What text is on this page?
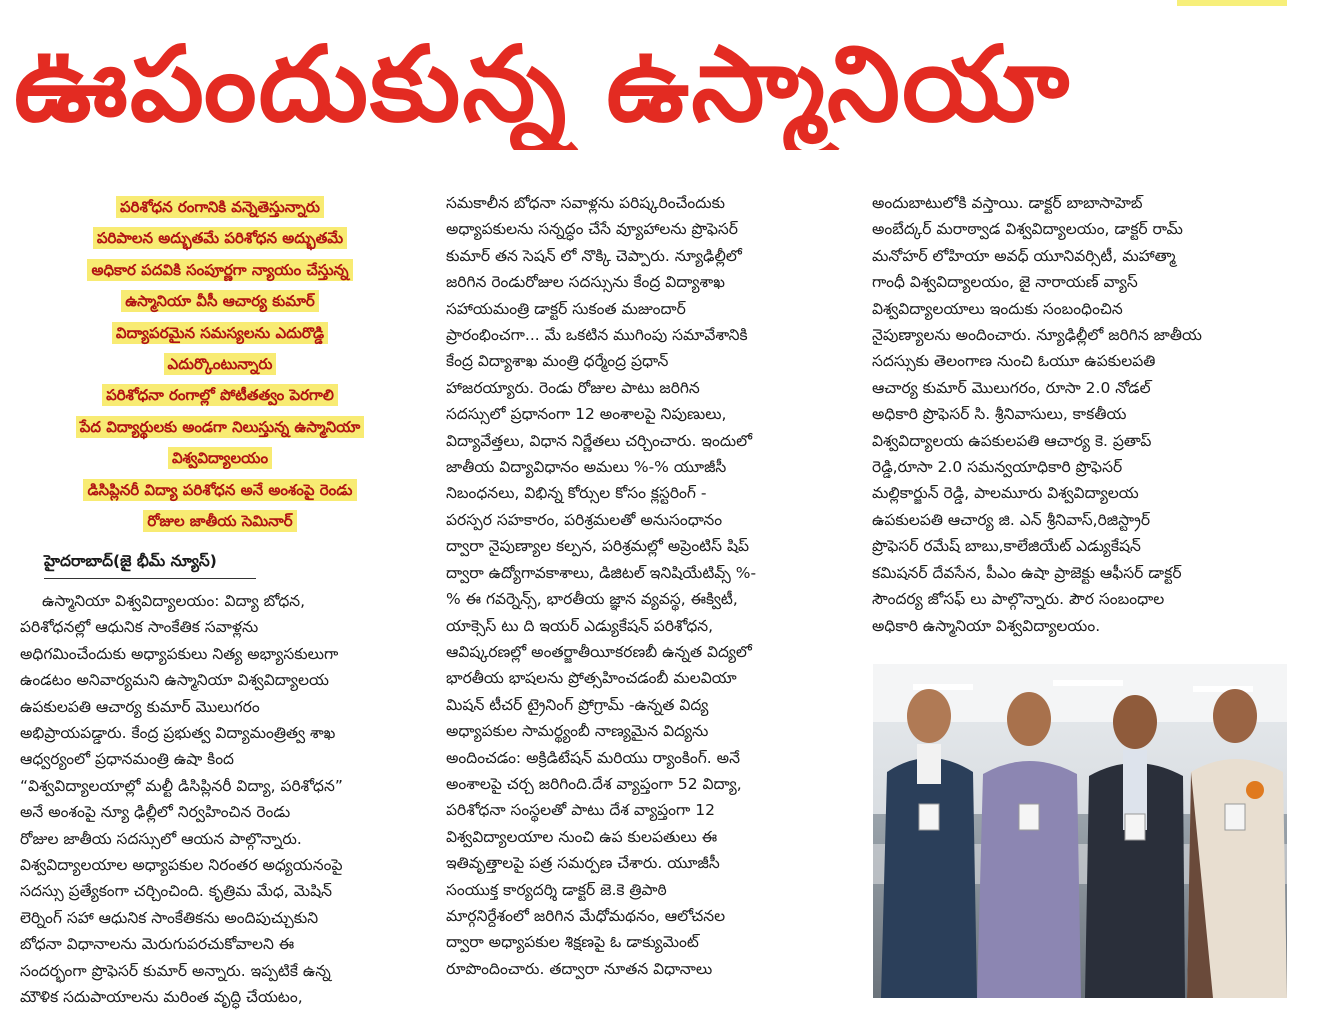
ఊపందుకున్న ఉస్మానియా
పరిశోధన రంగానికి వన్నెతెస్తున్నారు
పరిపాలన అద్భుతమే పరిశోధన అద్భుతమే
అధికార పదవికి సంపూర్ణగా న్యాయం చేస్తున్న
ఉస్మానియా వీసీ ఆచార్య కుమార్
విద్యాపరమైన సమస్యలను ఎదురొడ్డి
ఎదుర్కొంటున్నారు
పరిశోధనా రంగాల్లో పోటీతత్వం పెరగాలి
పేద విద్యార్థులకు అండగా నిలుస్తున్న ఉస్మానియా
విశ్వవిద్యాలయం
డిసిప్లినరీ విద్యా పరిశోధన అనే అంశంపై రెండు
రోజుల జాతీయ సెమినార్
హైదరాబాద్(జై భీమ్ న్యూస్)

ఉస్మానియా విశ్వవిద్యాలయం: విద్యా బోధన,

పరిశోధనల్లో ఆధునిక సాంకేతిక సవాళ్లను

అధిగమించేందుకు అధ్యాపకులు నిత్య అభ్యాసకులుగా

ఉండటం అనివార్యమని ఉస్మానియా విశ్వవిద్యాలయ

ఉపకులపతి ఆచార్య కుమార్ మొలుగరం

అభిప్రాయపడ్డారు. కేంద్ర ప్రభుత్వ విద్యామంత్రిత్వ శాఖ

ఆధ్వర్యంలో ప్రధానమంత్రి ఉషా కింద

“విశ్వవిద్యాలయాల్లో మల్టీ డిసిప్లినరీ విద్యా, పరిశోధన”

అనే అంశంపై న్యూ ఢిల్లీలో నిర్వహించిన రెండు

రోజుల జాతీయ సదస్సులో ఆయన పాల్గొన్నారు.

విశ్వవిద్యాలయాల అధ్యాపకుల నిరంతర అధ్యయనంపై

సదస్సు ప్రత్యేకంగా చర్చించింది. కృత్రిమ మేధ, మెషిన్

లెర్నింగ్ సహా ఆధునిక సాంకేతికను అందిపుచ్చుకుని

బోధనా విధానాలను మెరుగుపరచుకోవాలని ఈ

సందర్భంగా ప్రొఫెసర్ కుమార్ అన్నారు. ఇప్పటికే ఉన్న

మౌళిక సదుపాయాలను మరింత వృద్ధి చేయటం,

సమకాలీన బోధనా సవాళ్లను పరిష్కరించేందుకు

అధ్యాపకులను సన్నద్ధం చేసే వ్యూహాలను ప్రొఫెసర్

కుమార్ తన సెషన్ లో నొక్కి చెప్పారు. న్యూఢిల్లీలో

జరిగిన రెండురోజుల సదస్సును కేంద్ర విద్యాశాఖ

సహాయమంత్రి డాక్టర్ సుకంత మజుందార్

ప్రారంభించగా... మే ఒకటిన ముగింపు సమావేశానికి

కేంద్ర విద్యాశాఖ మంత్రి ధర్మేంద్ర ప్రధాన్

హాజరయ్యారు. రెండు రోజుల పాటు జరిగిన

సదస్సులో ప్రధానంగా 12 అంశాలపై నిపుణులు,

విద్యావేత్తలు, విధాన నిర్ణేతలు చర్చించారు. ఇందులో

జాతీయ విద్యావిధానం అమలు %-% యూజీసీ

నిబంధనలు, విభిన్న కోర్సుల కోసం క్లస్టరింగ్ -

పరస్పర సహకారం, పరిశ్రమలతో అనుసంధానం

ద్వారా నైపుణ్యాల కల్పన, పరిశ్రమల్లో అప్రెంటిస్ షిప్

ద్వారా ఉద్యోగావకాశాలు, డిజిటల్ ఇనిషియేటివ్స్ %-

% ఈ గవర్నెన్స్, భారతీయ జ్ఞాన వ్యవస్థ, ఈక్విటీ,

యాక్సెస్ టు ది ఇయర్ ఎడ్యుకేషన్ పరిశోధన,

ఆవిష్కరణల్లో అంతర్జాతీయీకరణబీ ఉన్నత విద్యలో

భారతీయ భాషలను ప్రోత్సహించడంబీ మలవియా

మిషన్ టీచర్ ట్రైనింగ్ ప్రోగ్రామ్ -ఉన్నత విద్య

అధ్యాపకుల సామర్థ్యంబీ నాణ్యమైన విద్యను

అందించడం: అక్రిడిటేషన్ మరియు ర్యాంకింగ్. అనే

అంశాలపై చర్చ జరిగింది.దేశ వ్యాప్తంగా 52 విద్యా,

పరిశోధనా సంస్థలతో పాటు దేశ వ్యాప్తంగా 12

విశ్వవిద్యాలయాల నుంచి ఉప కులపతులు ఈ

ఇతివృత్తాలపై పత్ర సమర్పణ చేశారు. యూజీసీ

సంయుక్త కార్యదర్శి డాక్టర్ జె.కె త్రిపాఠి

మార్గనిర్దేశంలో జరిగిన మేధోమథనం, ఆలోచనల

ద్వారా అధ్యాపకుల శిక్షణపై ఓ డాక్యుమెంట్

రూపొందించారు. తద్వారా నూతన విధానాలు

అందుబాటులోకి వస్తాయి. డాక్టర్ బాబాసాహెబ్

అంబేద్కర్ మరాఠ్వాడ విశ్వవిద్యాలయం, డాక్టర్ రామ్

మనోహర్ లోహియా అవధ్ యూనివర్సిటీ, మహాత్మా

గాంధీ విశ్వవిద్యాలయం, జై నారాయణ్ వ్యాస్

విశ్వవిద్యాలయాలు ఇందుకు సంబంధించిన

నైపుణ్యాలను అందించారు. న్యూఢిల్లీలో జరిగిన జాతీయ

సదస్సుకు తెలంగాణ నుంచి ఓయూ ఉపకులపతి

ఆచార్య కుమార్ మొలుగరం, రూసా 2.0 నోడల్

అధికారి ప్రొఫెసర్ సి. శ్రీనివాసులు, కాకతీయ

విశ్వవిద్యాలయ ఉపకులపతి ఆచార్య కె. ప్రతాప్

రెడ్డి,రూసా 2.0 సమన్వయాధికారి ప్రొఫెసర్

మల్లికార్జున్ రెడ్డి, పాలమూరు విశ్వవిద్యాలయ

ఉపకులపతి ఆచార్య జి. ఎన్ శ్రీనివాస్,రిజిస్ట్రార్

ప్రొఫెసర్ రమేష్ బాబు,కాలేజియేట్ ఎడ్యుకేషన్

కమిషనర్ దేవసేన, పీఎం ఉషా ప్రాజెక్టు ఆఫీసర్ డాక్టర్

సౌందర్య జోసఫ్ లు పాల్గొన్నారు. పౌర సంబంధాల

అధికారి ఉస్మానియా విశ్వవిద్యాలయం.
